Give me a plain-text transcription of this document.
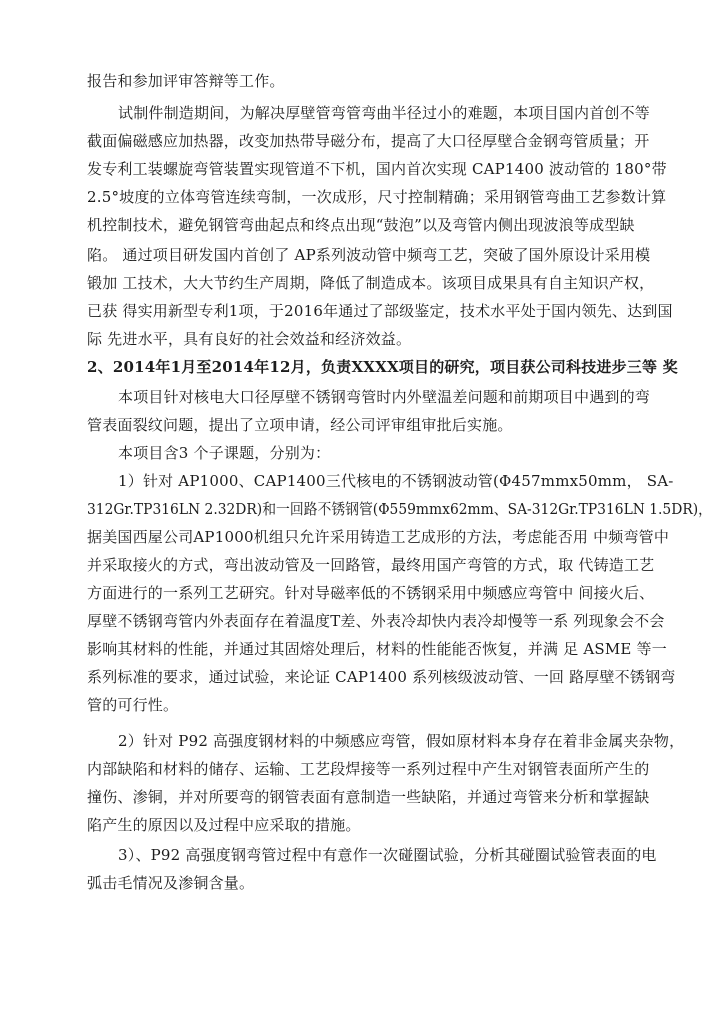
报告和参加评审答辩等工作。
试制件制造期间，为解决厚壁管弯管弯曲半径过小的难题，本项目国内首创不等
截面偏磁感应加热器，改变加热带导磁分布，提高了大口径厚壁合金钢弯管质量；开
发专利工装螺旋弯管装置实现管道不下机，国内首次实现 CAP1400 波动管的 180°带
2.5°坡度的立体弯管连续弯制，一次成形，尺寸控制精确；采用钢管弯曲工艺参数计算
机控制技术，避免钢管弯曲起点和终点出现“鼓泡”以及弯管内侧出现波浪等成型缺
陷。 通过项目研发国内首创了 AP系列波动管中频弯工艺，突破了国外原设计采用模
锻加 工技术，大大节约生产周期，降低了制造成本。该项目成果具有自主知识产权，
已获 得实用新型专利1项，于2016年通过了部级鉴定，技术水平处于国内领先、达到国
际 先进水平，具有良好的社会效益和经济效益。
2、2014年1月至2014年12月，负责XXXX项目的研究，项目获公司科技进步三等 奖
本项目针对核电大口径厚壁不锈钢弯管时内外壁温差问题和前期项目中遇到的弯
管表面裂纹问题，提出了立项申请，经公司评审组审批后实施。
本项目含3 个子课题，分别为：
1）针对 AP1000、CAP1400三代核电的不锈钢波动管(Φ457mmx50mm， SA-
312Gr.TP316LN 2.32DR)和一回路不锈钢管(Φ559mmx62mm、SA-312Gr.TP316LN 1.5DR)，
据美国西屋公司AP1000机组只允许采用铸造工艺成形的方法，考虑能否用 中频弯管中
并采取接火的方式，弯出波动管及一回路管，最终用国产弯管的方式，取 代铸造工艺
方面进行的一系列工艺研究。针对导磁率低的不锈钢采用中频感应弯管中 间接火后、
厚壁不锈钢弯管内外表面存在着温度T差、外表冷却快内表冷却慢等一系 列现象会不会
影响其材料的性能，并通过其固熔处理后，材料的性能能否恢复，并满 足 ASME 等一
系列标准的要求，通过试验，来论证 CAP1400 系列核级波动管、一回 路厚壁不锈钢弯
管的可行性。
2）针对 P92 高强度钢材料的中频感应弯管，假如原材料本身存在着非金属夹杂物，
内部缺陷和材料的储存、运输、工艺段焊接等一系列过程中产生对钢管表面所产生的
撞伤、渗铜，并对所要弯的钢管表面有意制造一些缺陷，并通过弯管来分析和掌握缺
陷产生的原因以及过程中应采取的措施。
3）、P92 高强度钢弯管过程中有意作一次碰圈试验，分析其碰圈试验管表面的电
弧击毛情况及渗铜含量。
